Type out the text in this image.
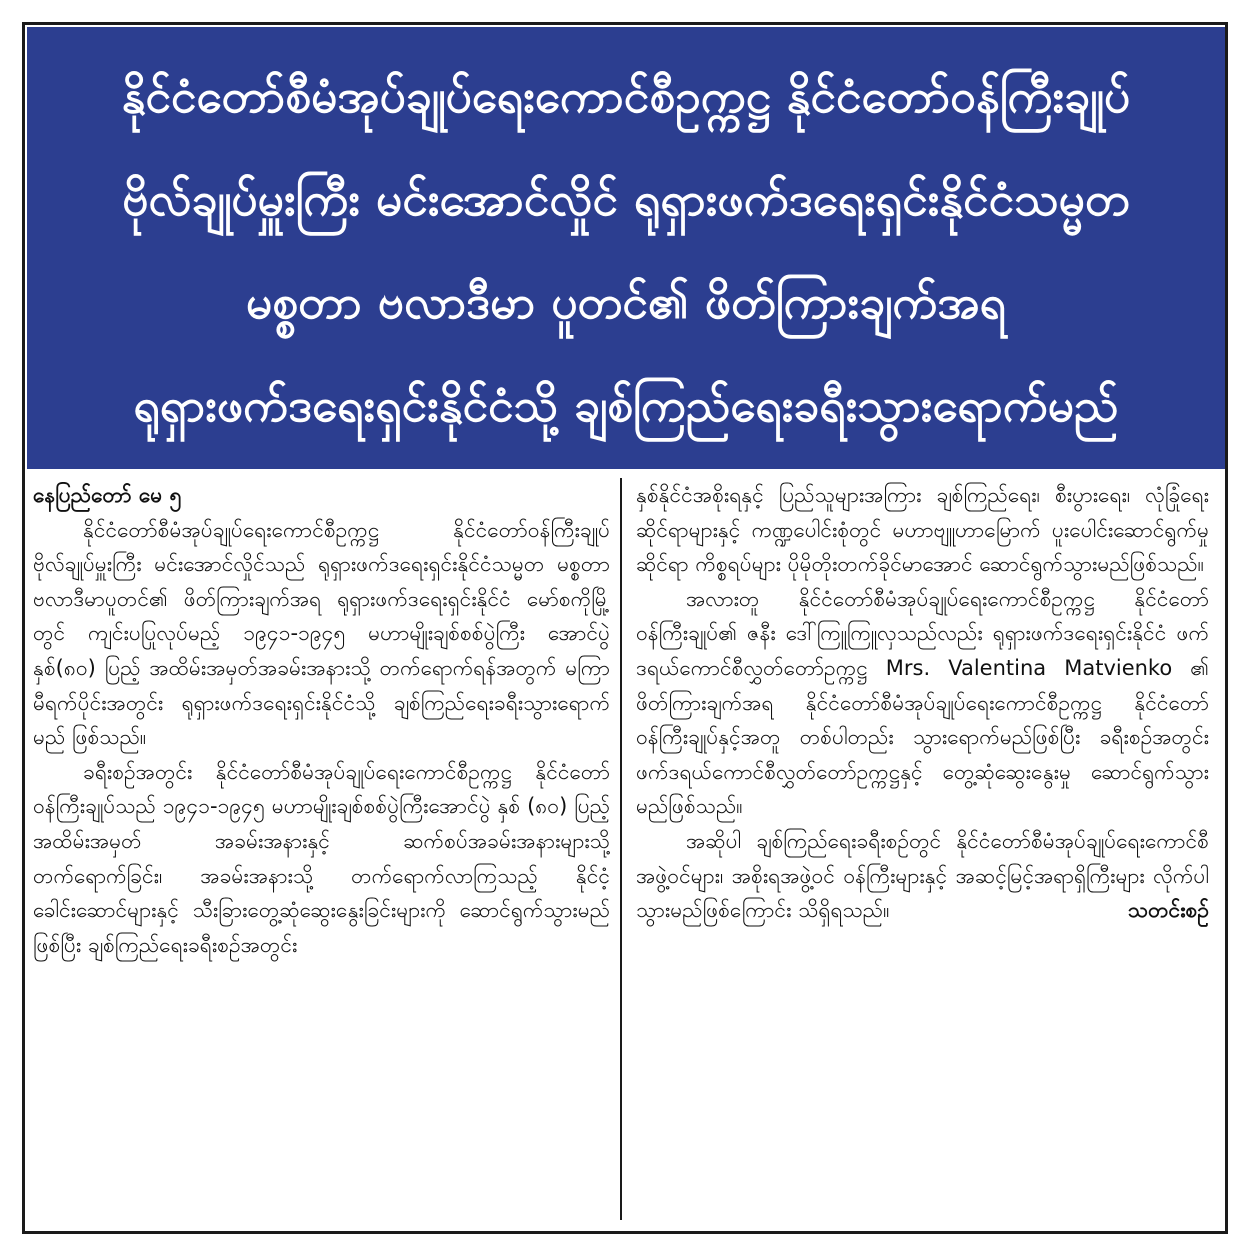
နိုင်ငံတော်စီမံအုပ်ချုပ်ရေးကောင်စီဥက္ကဋ္ဌ နိုင်ငံတော်ဝန်ကြီးချုပ်
ဗိုလ်ချုပ်မှူးကြီး မင်းအောင်လှိုင် ရုရှားဖက်ဒရေးရှင်းနိုင်ငံသမ္မတ
မစ္စတာ ဗလာဒီမာ ပူတင်၏ ဖိတ်ကြားချက်အရ
ရုရှားဖက်ဒရေးရှင်းနိုင်ငံသို့ ချစ်ကြည်ရေးခရီးသွားရောက်မည်
နေပြည်တော် မေ ၅

နိုင်ငံတော်စီမံအုပ်ချုပ်ရေးကောင်စီဥက္ကဋ္ဌ နိုင်ငံတော်ဝန်ကြီးချုပ် ဗိုလ်ချုပ်မှူးကြီး မင်းအောင်လှိုင်သည် ရုရှားဖက်ဒရေးရှင်းနိုင်ငံသမ္မတ မစ္စတာ ဗလာဒီမာပူတင်၏ ဖိတ်ကြားချက်အရ ရုရှားဖက်ဒရေးရှင်းနိုင်ငံ မော်စကိုမြို့တွင် ကျင်းပပြုလုပ်မည့် ၁၉၄၁-၁၉၄၅ မဟာမျိုးချစ်စစ်ပွဲကြီး အောင်ပွဲ နှစ်(၈၀) ပြည့် အထိမ်းအမှတ်အခမ်းအနားသို့ တက်ရောက်ရန်အတွက် မကြာမီရက်ပိုင်းအတွင်း ရုရှားဖက်ဒရေးရှင်းနိုင်ငံသို့ ချစ်ကြည်ရေးခရီးသွားရောက်မည် ဖြစ်သည်။

ခရီးစဉ်အတွင်း နိုင်ငံတော်စီမံအုပ်ချုပ်ရေးကောင်စီဥက္ကဋ္ဌ နိုင်ငံတော်ဝန်ကြီးချုပ်သည် ၁၉၄၁-၁၉၄၅ မဟာမျိုးချစ်စစ်ပွဲကြီးအောင်ပွဲ နှစ် (၈၀) ပြည့် အထိမ်းအမှတ် အခမ်းအနားနှင့် ဆက်စပ်အခမ်းအနားများသို့ တက်ရောက်ခြင်း၊ အခမ်းအနားသို့ တက်ရောက်လာကြသည့် နိုင်ငံ့ခေါင်းဆောင်များနှင့် သီးခြားတွေ့ဆုံဆွေးနွေးခြင်းများကို ဆောင်ရွက်သွားမည်ဖြစ်ပြီး ချစ်ကြည်ရေးခရီးစဉ်အတွင်း

နှစ်နိုင်ငံအစိုးရနှင့် ပြည်သူများအကြား ချစ်ကြည်ရေး၊ စီးပွားရေး၊ လုံခြုံရေးဆိုင်ရာများနှင့် ကဏ္ဍပေါင်းစုံတွင် မဟာဗျူဟာမြောက် ပူးပေါင်းဆောင်ရွက်မှုဆိုင်ရာ ကိစ္စရပ်များ ပိုမိုတိုးတက်ခိုင်မာအောင် ဆောင်ရွက်သွားမည်ဖြစ်သည်။

အလားတူ နိုင်ငံတော်စီမံအုပ်ချုပ်ရေးကောင်စီဥက္ကဋ္ဌ နိုင်ငံတော်ဝန်ကြီးချုပ်၏ ဇနီး ဒေါ်ကြူကြူလှသည်လည်း ရုရှားဖက်ဒရေးရှင်းနိုင်ငံ ဖက်ဒရယ်ကောင်စီလွှတ်တော်ဥက္ကဋ္ဌ Mrs. Valentina Matvienko ၏ ဖိတ်ကြားချက်အရ နိုင်ငံတော်စီမံအုပ်ချုပ်ရေးကောင်စီဥက္ကဋ္ဌ နိုင်ငံတော်ဝန်ကြီးချုပ်နှင့်အတူ တစ်ပါတည်း သွားရောက်မည်ဖြစ်ပြီး ခရီးစဉ်အတွင်း ဖက်ဒရယ်ကောင်စီလွှတ်တော်ဥက္ကဋ္ဌနှင့် တွေ့ဆုံဆွေးနွေးမှု ဆောင်ရွက်သွားမည်ဖြစ်သည်။

အဆိုပါ ချစ်ကြည်ရေးခရီးစဉ်တွင် နိုင်ငံတော်စီမံအုပ်ချုပ်ရေးကောင်စီအဖွဲ့ဝင်များ၊ အစိုးရအဖွဲ့ဝင် ဝန်ကြီးများနှင့် အဆင့်မြင့်အရာရှိကြီးများ လိုက်ပါသွားမည်ဖြစ်ကြောင်း သိရှိရသည်။	သတင်းစဉ်
